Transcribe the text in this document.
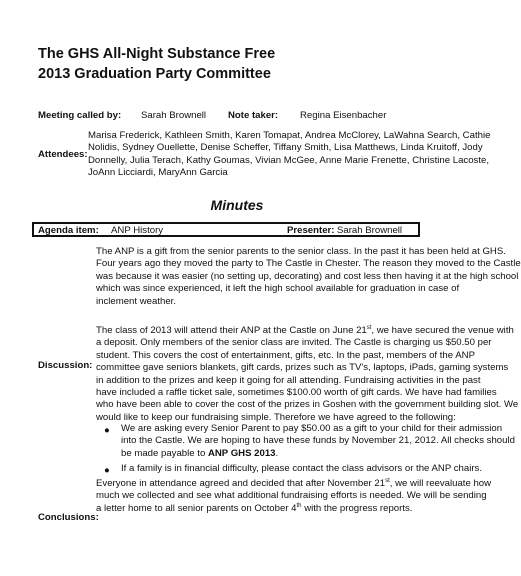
The GHS All-Night Substance Free
2013 Graduation Party Committee
Meeting called by: Sarah Brownell Note taker: Regina Eisenbacher
Attendees:
Marisa Frederick, Kathleen Smith, Karen Tomapat, Andrea McClorey, LaWahna Search, Cathie
Nolidis, Sydney Ouellette, Denise Scheffer, Tiffany Smith, Lisa Matthews, Linda Kruitoff, Jody
Donnelly, Julia Terach, Kathy Goumas, Vivian McGee, Anne Marie Frenette, Christine Lacoste,
JoAnn Licciardi, MaryAnn Garcia
Minutes
Agenda item: ANP History	Presenter: Sarah Brownell
Discussion:
The ANP is a gift from the senior parents to the senior class. In the past it has been held at GHS.
Four years ago they moved the party to The Castle in Chester. The reason they moved to the Castle
was because it was easier (no setting up, decorating) and cost less then having it at the high school
which was since experienced, it left the high school available for graduation in case of
inclement weather.
The class of 2013 will attend their ANP at the Castle on June 21st, we have secured the venue with
a deposit. Only members of the senior class are invited. The Castle is charging us $50.50 per
student. This covers the cost of entertainment, gifts, etc. In the past, members of the ANP
committee gave seniors blankets, gift cards, prizes such as TV's, laptops, iPads, gaming systems
in addition to the prizes and keep it going for all attending. Fundraising activities in the past
have included a raffle ticket sale, sometimes $100.00 worth of gift cards. We have had families
who have been able to cover the cost of the prizes in Goshen with the government building slot. We
would like to keep our fundraising simple. Therefore we have agreed to the following:
● We are asking every Senior Parent to pay $50.00 as a gift to your child for their admission
into the Castle. We are hoping to have these funds by November 21, 2012. All checks should
be made payable to ANP GHS 2013.
● If a family is in financial difficulty, please contact the class advisors or the ANP chairs.
Conclusions:
Everyone in attendance agreed and decided that after November 21st, we will reevaluate how
much we collected and see what additional fundraising efforts is needed. We will be sending
a letter home to all senior parents on October 4th with the progress reports.
